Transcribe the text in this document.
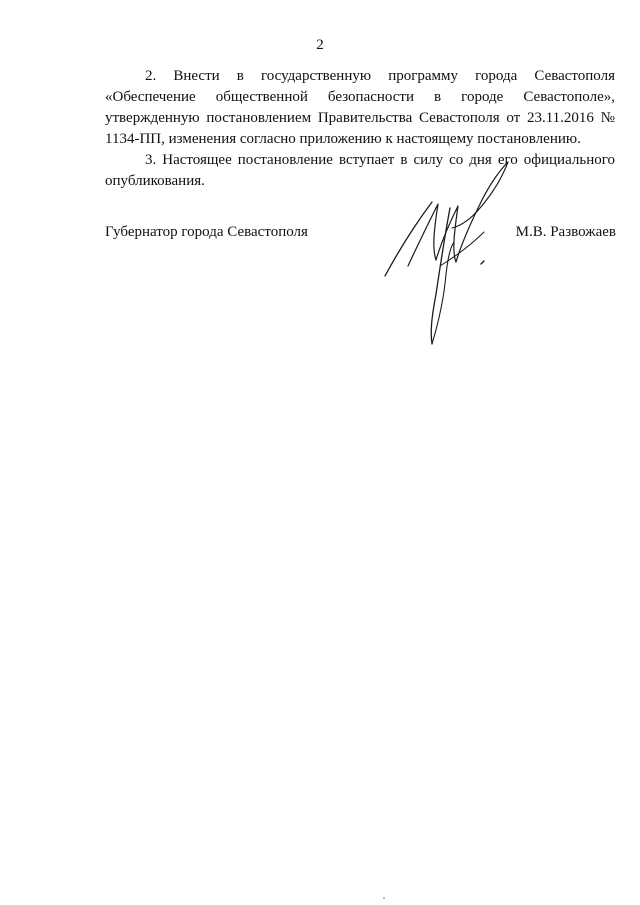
2

2. Внести в государственную программу города Севастополя «Обеспечение общественной безопасности в городе Севастополе», утвержденную постановлением Правительства Севастополя от 23.11.2016 № 1134-ПП, изменения согласно приложению к настоящему постановлению.

3. Настоящее постановление вступает в силу со дня его официального опубликования.

Губернатор города Севастополя	М.В. Развожаев
